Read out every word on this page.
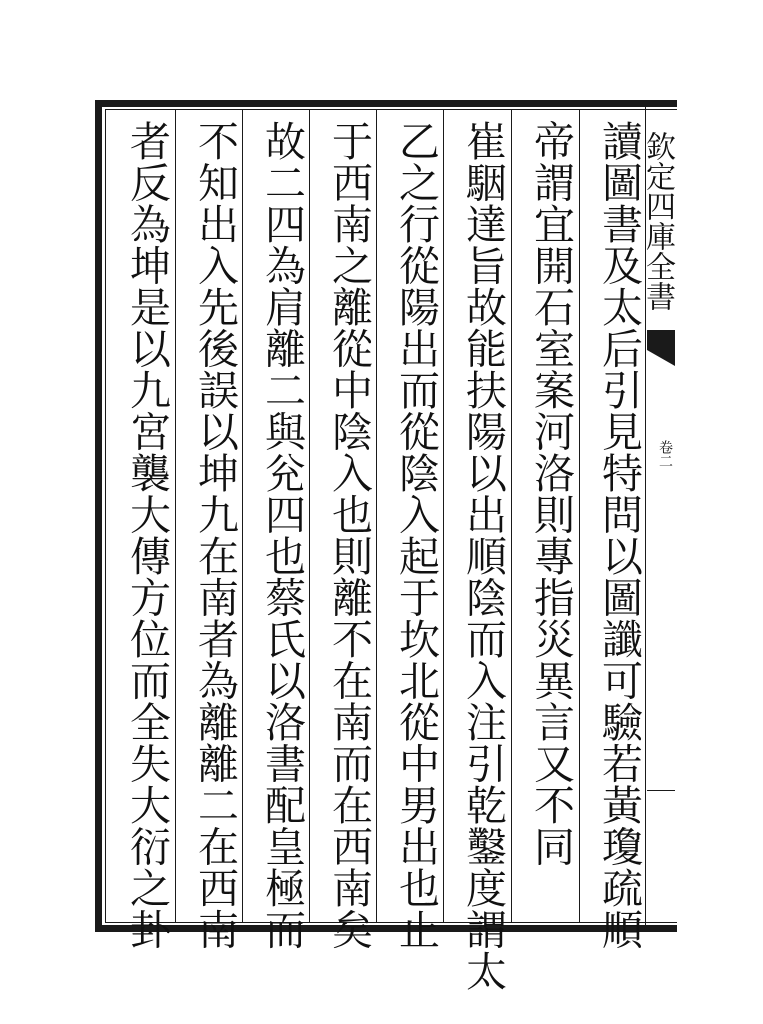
讀圖書及太后引見特問以圖讖可驗若黃瓊疏順
帝謂宜開石室案河洛則專指災異言又不同
崔駰達旨故能扶陽以出順陰而入注引乾鑿度謂太
乙之行從陽出而從陰入起于坎北從中男出也止
于西南之離從中陰入也則離不在南而在西南矣
故二四為肩離二與兊四也蔡氏以洛書配皇極而
不知出入先後誤以坤九在南者為離離二在西南
者反為坤是以九宮襲大傳方位而全失大衍之卦	欽定四庫全書
卷二
